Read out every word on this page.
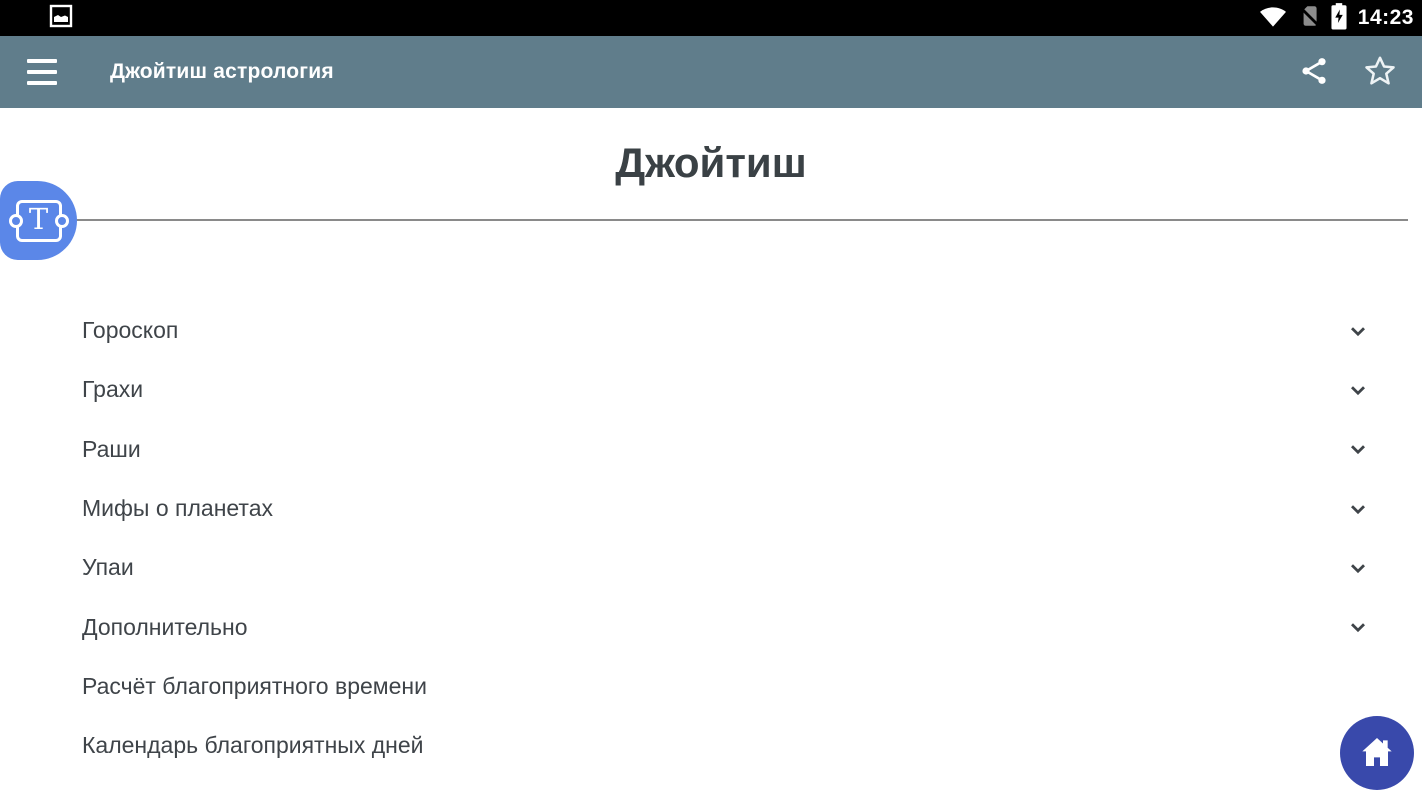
14:23
Джойтиш астрология
Джойтиш
T
Гороскоп
Грахи
Раши
Мифы о планетах
Упаи
Дополнительно
Расчёт благоприятного времени
Календарь благоприятных дней
